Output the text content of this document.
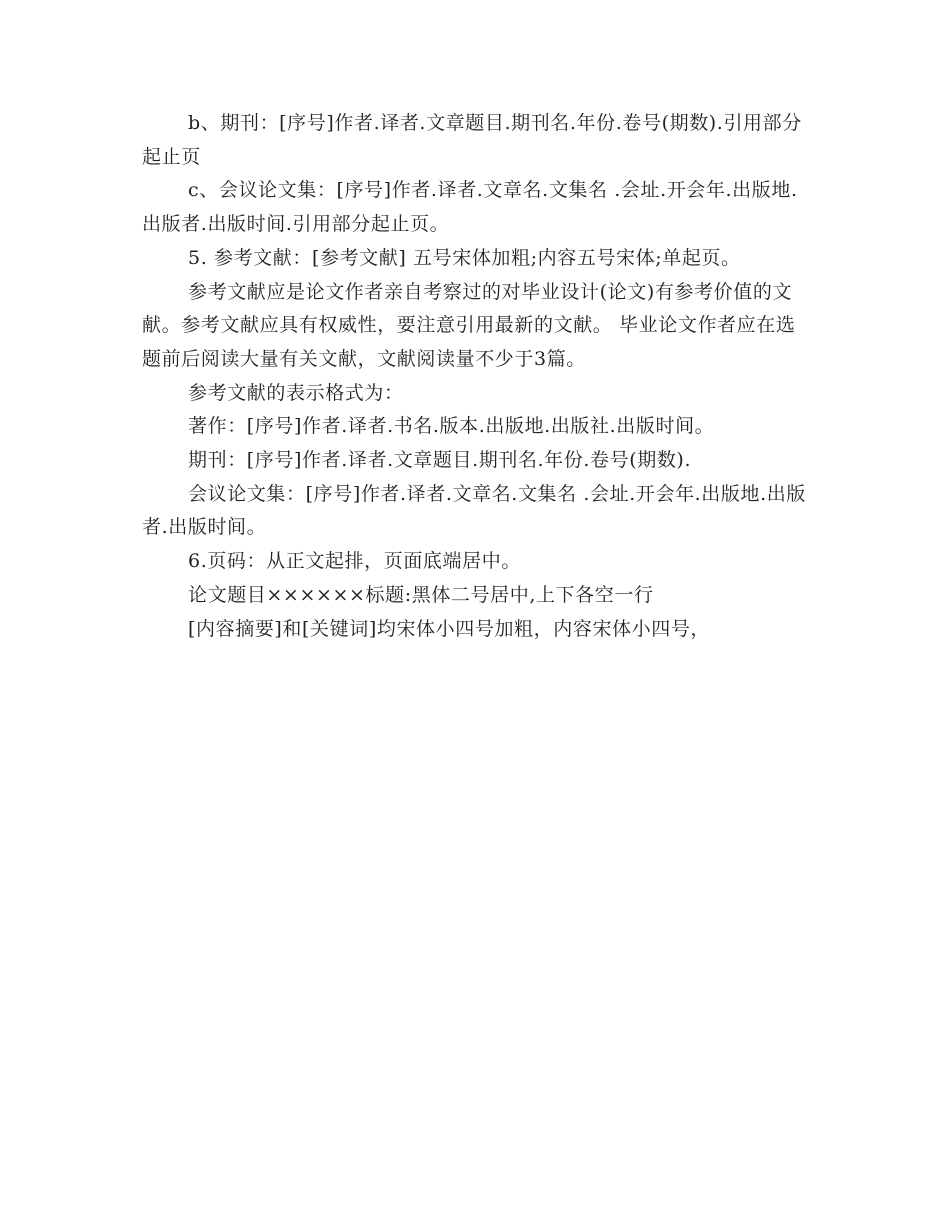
b、期刊：[序号]作者.译者.文章题目.期刊名.年份.卷号(期数).引用部分起止页

c、会议论文集：[序号]作者.译者.文章名.文集名 .会址.开会年.出版地.出版者.出版时间.引用部分起止页。

5. 参考文献：[参考文献] 五号宋体加粗;内容五号宋体;单起页。

参考文献应是论文作者亲自考察过的对毕业设计(论文)有参考价值的文献。参考文献应具有权威性，要注意引用最新的文献。 毕业论文作者应在选题前后阅读大量有关文献，文献阅读量不少于3篇。

参考文献的表示格式为：

著作：[序号]作者.译者.书名.版本.出版地.出版社.出版时间。

期刊：[序号]作者.译者.文章题目.期刊名.年份.卷号(期数).

会议论文集：[序号]作者.译者.文章名.文集名 .会址.开会年.出版地.出版者.出版时间。

6.页码：从正文起排，页面底端居中。

论文题目××××××标题:黑体二号居中,上下各空一行

[内容摘要]和[关键词]均宋体小四号加粗，内容宋体小四号，
